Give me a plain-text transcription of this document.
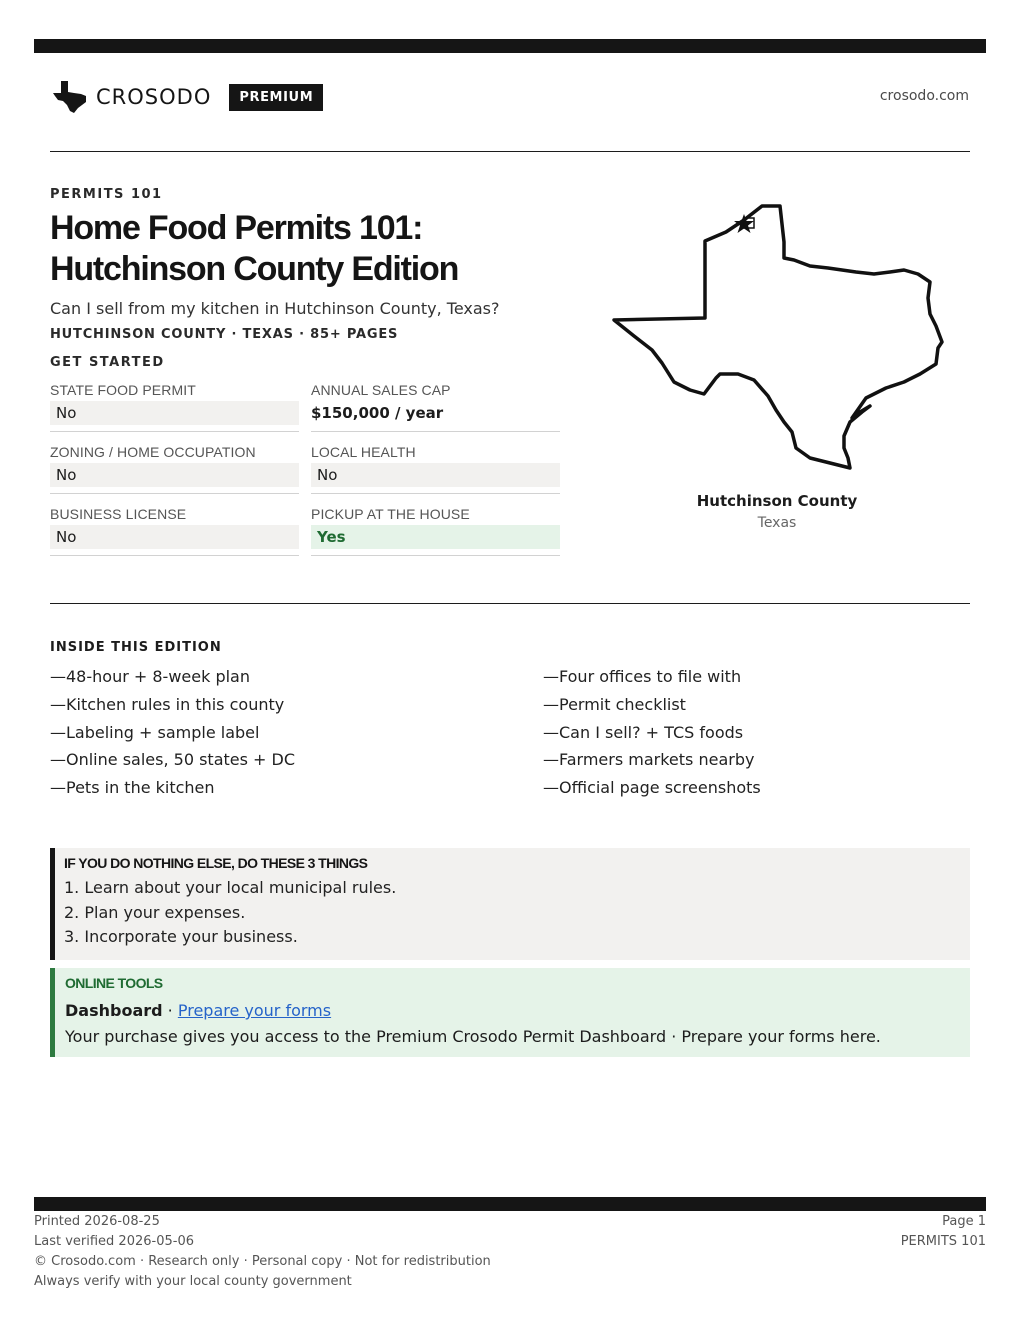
CROSODO	PREMIUM	crosodo.com
PERMITS 101
Home Food Permits 101:
Hutchinson County Edition
Can I sell from my kitchen in Hutchinson County, Texas?
HUTCHINSON COUNTY · TEXAS · 85+ PAGES
GET STARTED
STATE FOOD PERMIT
No
ANNUAL SALES CAP
$150,000 / year
ZONING / HOME OCCUPATION
No
LOCAL HEALTH
No
BUSINESS LICENSE
No
PICKUP AT THE HOUSE
Yes
Hutchinson County
Texas
INSIDE THIS EDITION
—48-hour + 8-week plan
—Kitchen rules in this county
—Labeling + sample label
—Online sales, 50 states + DC
—Pets in the kitchen
—Four offices to file with
—Permit checklist
—Can I sell? + TCS foods
—Farmers markets nearby
—Official page screenshots
IF YOU DO NOTHING ELSE, DO THESE 3 THINGS
1. Learn about your local municipal rules.
2. Plan your expenses.
3. Incorporate your business.
ONLINE TOOLS
Dashboard · Prepare your forms
Your purchase gives you access to the Premium Crosodo Permit Dashboard · Prepare your forms here.
Printed 2026-08-25
Last verified 2026-05-06
© Crosodo.com · Research only · Personal copy · Not for redistribution
Always verify with your local county government
Page 1
PERMITS 101
